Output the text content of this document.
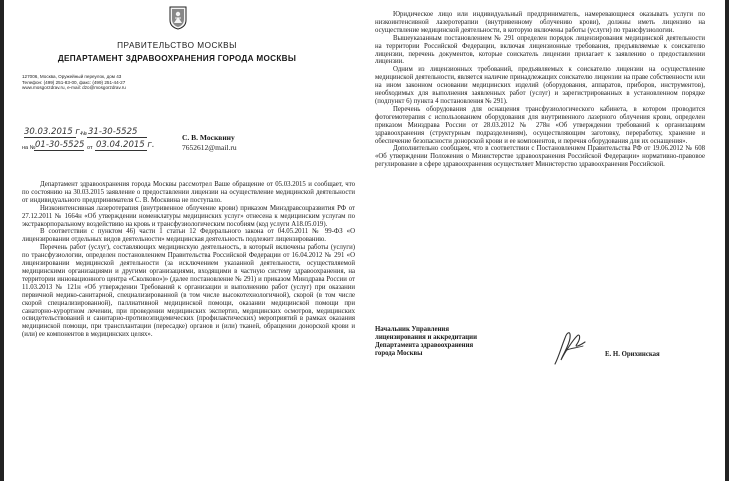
ПРАВИТЕЛЬСТВО МОСКВЫ
ДЕПАРТАМЕНТ ЗДРАВООХРАНЕНИЯ ГОРОДА МОСКВЫ
127006, Москва, Оружейный переулок, дом 43
Телефон: (499) 251-83-00, факс: (499) 251-44-27
www.mosgorzdrav.ru, e-mail: dzo@mosgorzdrav.ru
30.03.2015 г.
№ 31-30-5525
на № 01-30-5525 от 03.04.2015 г.
С. В. Москвину
7652612@mail.ru

Департамент здравоохранения города Москвы рассмотрел Ваше обращение от 05.03.2015 и сообщает, что по состоянию на 30.03.2015 заявление о предоставлении лицензии на осуществление медицинской деятельности от индивидуального предпринимателя С. В. Москвина не поступало.

Низкоинтенсивная лазеротерапия (внутривенное облучение крови) приказом Минздравсоцразвития РФ от 27.12.2011 № 1664н «Об утверждении номенклатуры медицинских услуг» отнесена к медицинским услугам по экстракорпоральному воздействию на кровь и трансфузиологическим пособиям (код услуги A18.05.019).

В соответствии с пунктом 46) части 1 статьи 12 Федерального закона от 04.05.2011 № 99-ФЗ «О лицензировании отдельных видов деятельности» медицинская деятельность подлежит лицензированию.

Перечень работ (услуг), составляющих медицинскую деятельность, в который включены работы (услуги) по трансфузиологии, определен постановлением Правительства Российской Федерации от 16.04.2012 № 291 «О лицензировании медицинской деятельности (за исключением указанной деятельности, осуществляемой медицинскими организациями и другими организациями, входящими в частную систему здравоохранения, на территории инновационного центра «Сколково»)» (далее постановление № 291) и приказом Минздрава России от 11.03.2013 № 121н «Об утверждении Требований к организации и выполнению работ (услуг) при оказании первичной медико-санитарной, специализированной (в том числе высокотехнологичной), скорой (в том числе скорой специализированной), паллиативной медицинской помощи, оказании медицинской помощи при санаторно-курортном лечении, при проведении медицинских экспертиз, медицинских осмотров, медицинских освидетельствований и санитарно-противоэпидемических (профилактических) мероприятий в рамках оказания медицинской помощи, при трансплантации (пересадке) органов и (или) тканей, обращении донорской крови и (или) ее компонентов в медицинских целях».

Юридическое лицо или индивидуальный предприниматель, намеревающиеся оказывать услуги по низкоинтенсивной лазеротерапии (внутривенному облучению крови), должны иметь лицензию на осуществление медицинской деятельности, в которую включены работы (услуги) по трансфузиологии.

Вышеуказанным постановлением № 291 определен порядок лицензирования медицинской деятельности на территории Российской Федерации, включая лицензионные требования, предъявляемые к соискателю лицензии, перечень документов, которые соискатель лицензии прилагает к заявлению о предоставлении лицензии.

Одним из лицензионных требований, предъявляемых к соискателю лицензии на осуществление медицинской деятельности, является наличие принадлежащих соискателю лицензии на праве собственности или на ином законном основании медицинских изделий (оборудования, аппаратов, приборов, инструментов), необходимых для выполнения заявленных работ (услуг) и зарегистрированных в установленном порядке (подпункт 6) пункта 4 постановления № 291).

Перечень оборудования для оснащения трансфузиологического кабинета, в котором проводится фотогемотерапия с использованием оборудования для внутривенного лазерного облучения крови, определен приказом Минздрава России от 28.03.2012 № 278н «Об утверждении требований к организациям здравоохранения (структурным подразделениям), осуществляющим заготовку, переработку, хранение и обеспечение безопасности донорской крови и ее компонентов, и перечня оборудования для их оснащения».

Дополнительно сообщаем, что в соответствии с Постановлением Правительства РФ от 19.06.2012 № 608 «Об утверждении Положения о Министерстве здравоохранения Российской Федерации» нормативно-правовое регулирование в сфере здравоохранения осуществляет Министерство здравоохранения Российской.

Начальник Управления
лицензирования и аккредитации
Департамента здравоохранения
города Москвы	Е. Н. Орихинская
